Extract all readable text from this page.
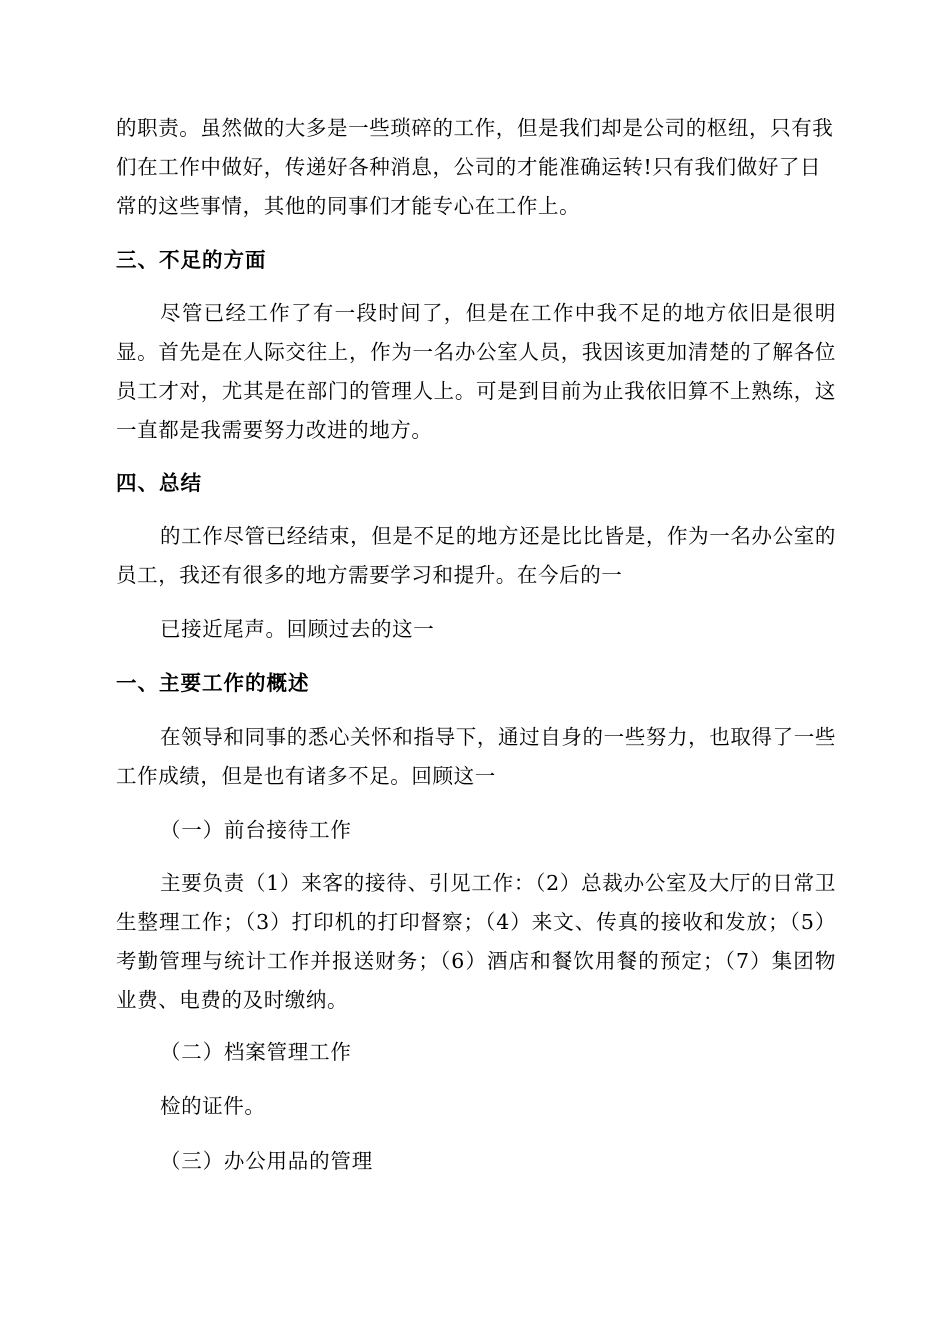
的职责。虽然做的大多是一些琐碎的工作，但是我们却是公司的枢纽，只有我们在工作中做好，传递好各种消息，公司的才能准确运转!只有我们做好了日常的这些事情，其他的同事们才能专心在工作上。

三、不足的方面

尽管已经工作了有一段时间了，但是在工作中我不足的地方依旧是很明显。首先是在人际交往上，作为一名办公室人员，我因该更加清楚的了解各位员工才对，尤其是在部门的管理人上。可是到目前为止我依旧算不上熟练，这一直都是我需要努力改进的地方。

四、总结

的工作尽管已经结束，但是不足的地方还是比比皆是，作为一名办公室的员工，我还有很多的地方需要学习和提升。在今后的一

已接近尾声。回顾过去的这一

一、主要工作的概述

在领导和同事的悉心关怀和指导下，通过自身的一些努力，也取得了一些工作成绩，但是也有诸多不足。回顾这一

（一）前台接待工作

主要负责（1）来客的接待、引见工作：（2）总裁办公室及大厅的日常卫生整理工作；（3）打印机的打印督察；（4）来文、传真的接收和发放；（5）考勤管理与统计工作并报送财务；（6）酒店和餐饮用餐的预定；（7）集团物业费、电费的及时缴纳。

（二）档案管理工作

检的证件。

（三）办公用品的管理
